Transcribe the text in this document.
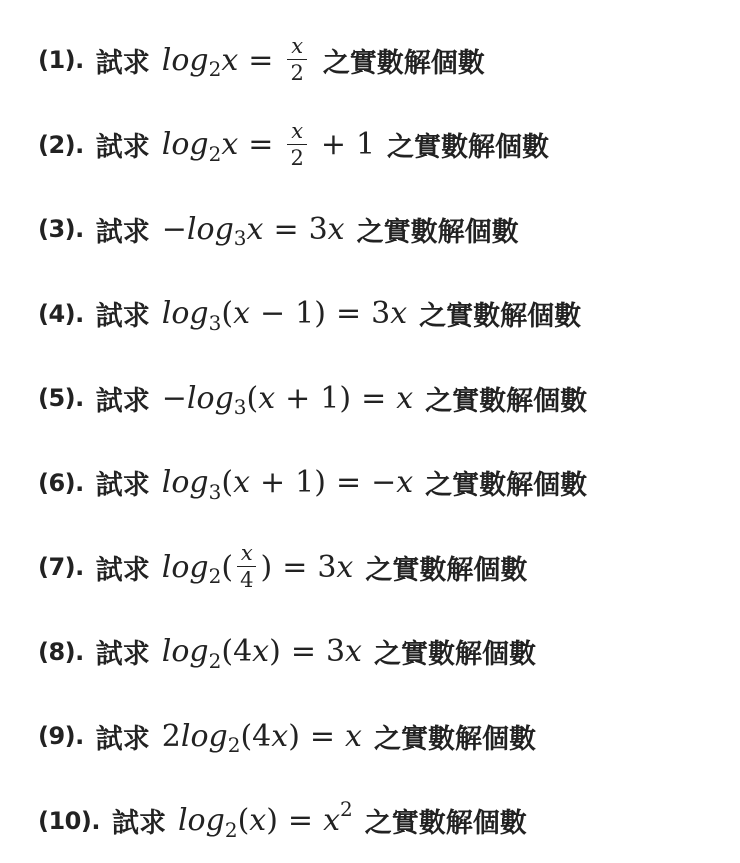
(1). 試求 log 2 $x = \frac{x}{2}$ 之實數解個數
(2). 試求 log 2 $x = \frac{x}{2} + 1$ 之實數解個數
(3). 試求 − log 3 x = 3 x 之實數解個數
(4). 試求 log 3 ( x − 1) = 3 x 之實數解個數
(5). 試求 − log 3 ( x + 1) = x 之實數解個數
(6). 試求 log 3 ( x + 1) = − x 之實數解個數
(7). 試求 log 2 ( $\frac{x}{4}$ ) = 3 x 之實數解個數
(8). 試求 log 2 (4 x ) = 3 x 之實數解個數
(9). 試求 2 log 2 (4 x ) = x 之實數解個數
(10). 試求 log 2 ( x ) = x 2 之實數解個數
